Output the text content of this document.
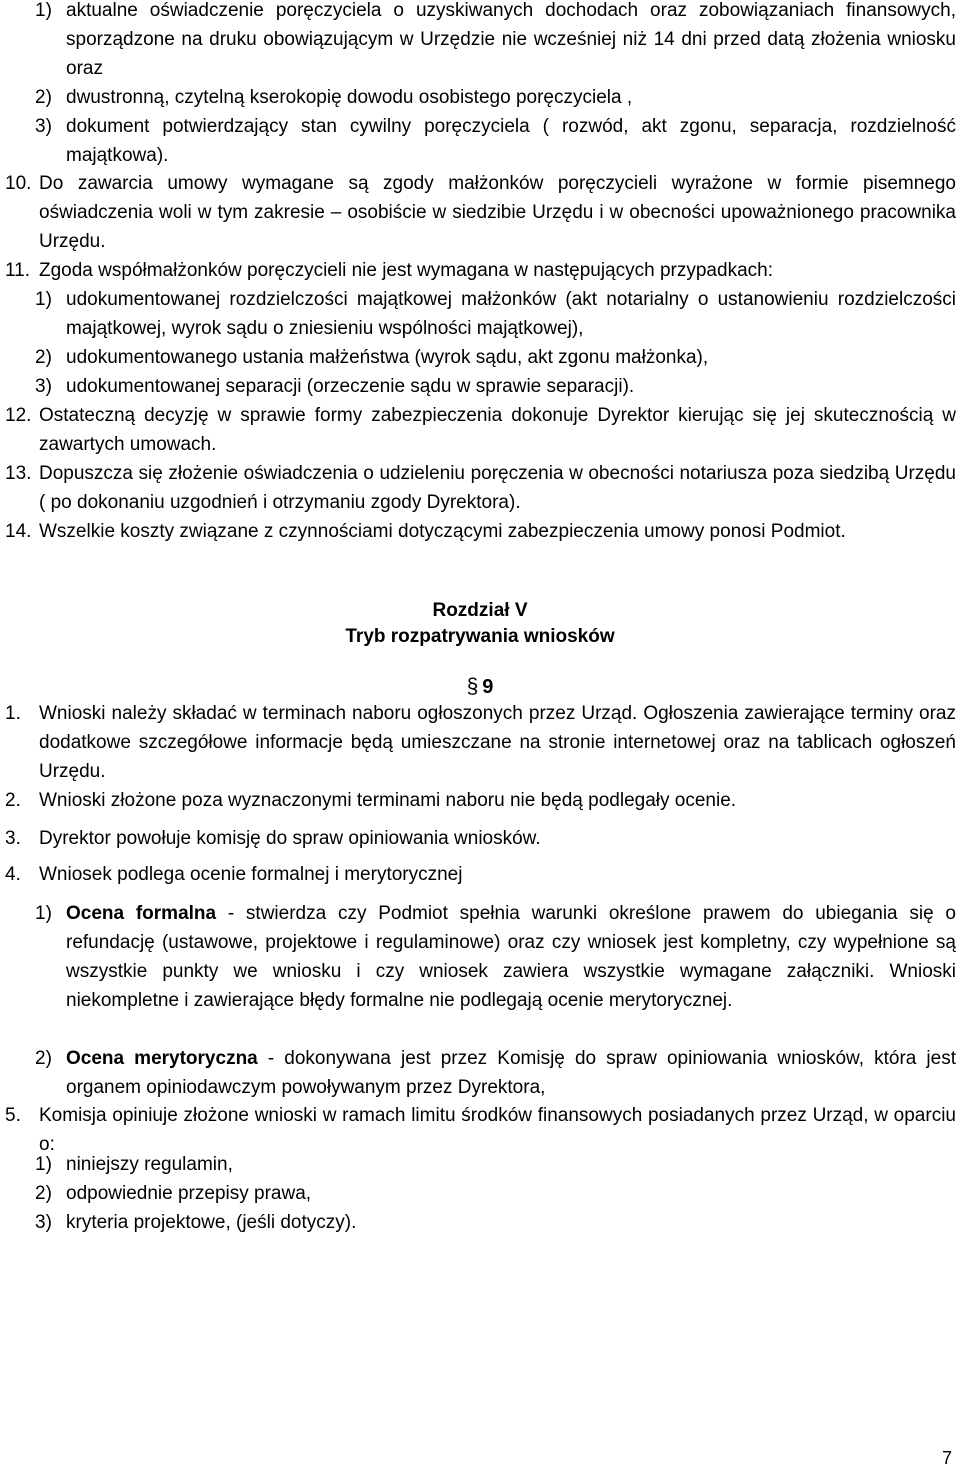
1) aktualne oświadczenie poręczyciela o uzyskiwanych dochodach oraz zobowiązaniach finansowych, sporządzone na druku obowiązującym w Urzędzie nie wcześniej niż 14 dni przed datą złożenia wniosku oraz
2) dwustronną, czytelną kserokopię dowodu osobistego poręczyciela ,
3) dokument potwierdzający stan cywilny poręczyciela ( rozwód, akt zgonu, separacja, rozdzielność majątkowa).
10. Do zawarcia umowy wymagane są zgody małżonków poręczycieli wyrażone w formie pisemnego oświadczenia woli w tym zakresie – osobiście w siedzibie Urzędu i w obecności upoważnionego pracownika Urzędu.
11. Zgoda współmałżonków poręczycieli nie jest wymagana w następujących przypadkach:
1) udokumentowanej rozdzielczości majątkowej małżonków (akt notarialny o ustanowieniu rozdzielczości majątkowej, wyrok sądu o zniesieniu wspólności majątkowej),
2) udokumentowanego ustania małżeństwa (wyrok sądu, akt zgonu małżonka),
3) udokumentowanej separacji (orzeczenie sądu w sprawie separacji).
12. Ostateczną decyzję w sprawie formy zabezpieczenia dokonuje Dyrektor kierując się jej skutecznością w zawartych umowach.
13. Dopuszcza się złożenie oświadczenia o udzieleniu poręczenia w obecności notariusza poza siedzibą Urzędu ( po dokonaniu uzgodnień i otrzymaniu zgody Dyrektora).
14. Wszelkie koszty związane z czynnościami dotyczącymi zabezpieczenia umowy ponosi Podmiot.
Rozdział V
Tryb rozpatrywania wniosków
§ 9
1. Wnioski należy składać w terminach naboru ogłoszonych przez Urząd. Ogłoszenia zawierające terminy oraz dodatkowe szczegółowe informacje będą umieszczane na stronie internetowej oraz na tablicach ogłoszeń Urzędu.
2. Wnioski złożone poza wyznaczonymi terminami naboru nie będą podlegały ocenie.
3. Dyrektor powołuje komisję do spraw opiniowania wniosków.
4. Wniosek podlega ocenie formalnej i merytorycznej
1) Ocena formalna - stwierdza czy Podmiot spełnia warunki określone prawem do ubiegania się o refundację (ustawowe, projektowe i regulaminowe) oraz czy wniosek jest kompletny, czy wypełnione są wszystkie punkty we wniosku i czy wniosek zawiera wszystkie wymagane załączniki. Wnioski niekompletne i zawierające błędy formalne nie podlegają ocenie merytorycznej.
2) Ocena merytoryczna - dokonywana jest przez Komisję do spraw opiniowania wniosków, która jest organem opiniodawczym powoływanym przez Dyrektora,
5. Komisja opiniuje złożone wnioski w ramach limitu środków finansowych posiadanych przez Urząd, w oparciu o:
1) niniejszy regulamin,
2) odpowiednie przepisy prawa,
3) kryteria projektowe, (jeśli dotyczy).
7
